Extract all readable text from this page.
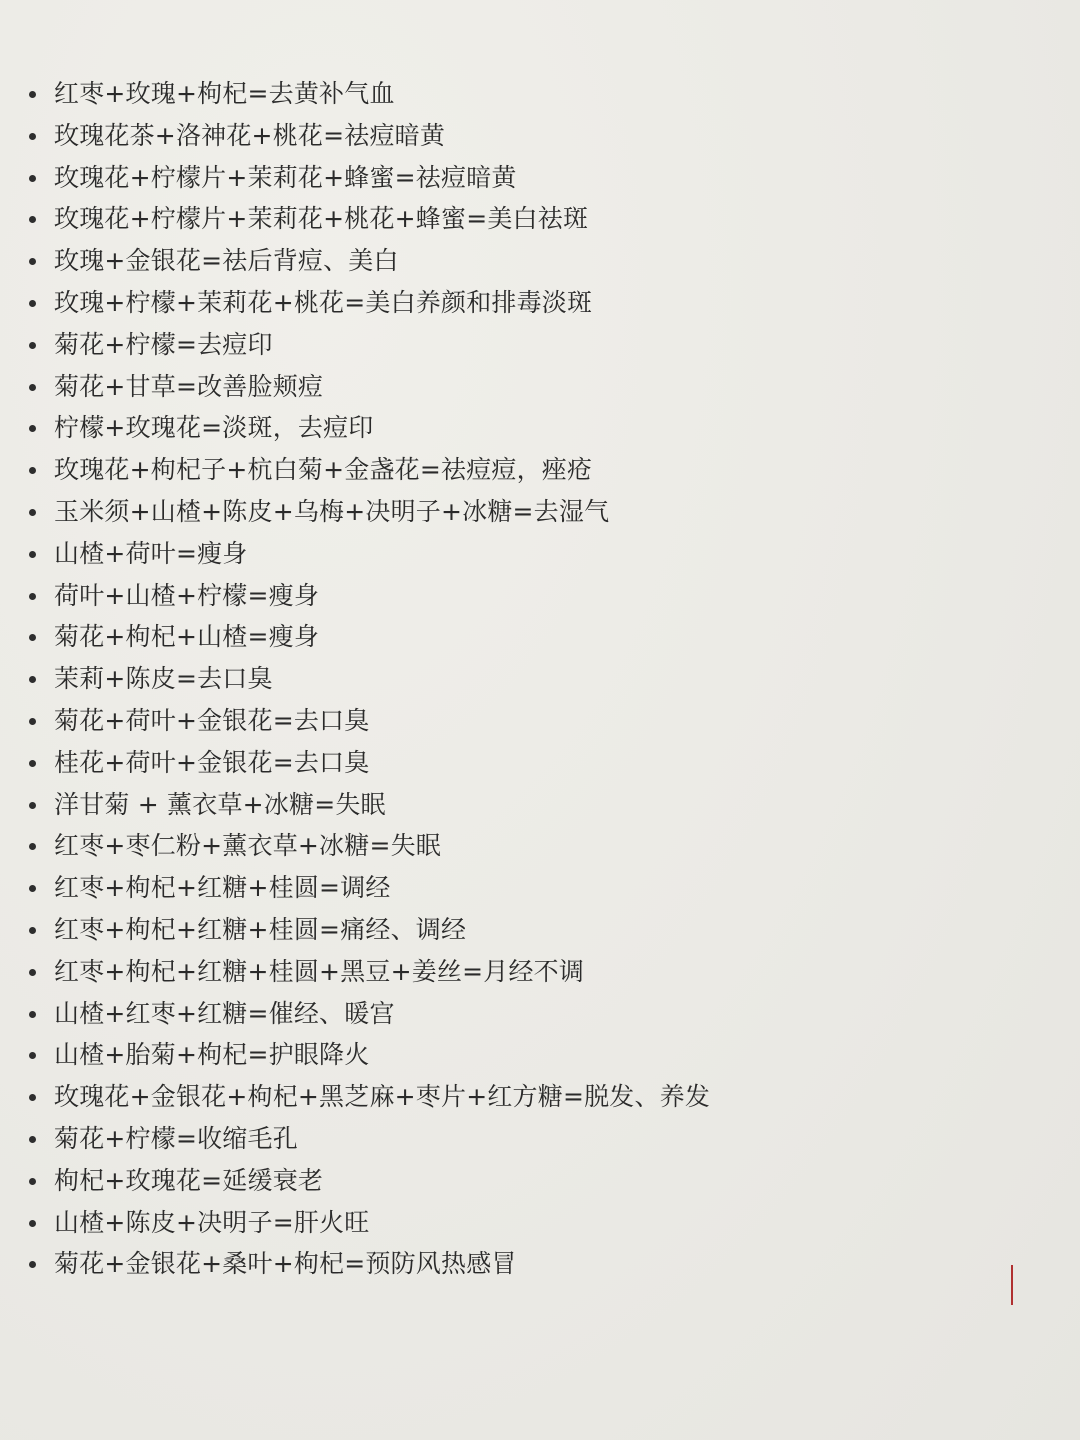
红枣+玫瑰+枸杞=去黄补气血
玫瑰花茶+洛神花+桃花=祛痘暗黄
玫瑰花+柠檬片+茉莉花+蜂蜜=祛痘暗黄
玫瑰花+柠檬片+茉莉花+桃花+蜂蜜=美白祛斑
玫瑰+金银花=祛后背痘、美白
玫瑰+柠檬+茉莉花+桃花=美白养颜和排毒淡斑
菊花+柠檬=去痘印
菊花+甘草=改善脸颊痘
柠檬+玫瑰花=淡斑，去痘印
玫瑰花+枸杞子+杭白菊+金盏花=祛痘痘，痤疮
玉米须+山楂+陈皮+乌梅+决明子+冰糖=去湿气
山楂+荷叶=瘦身
荷叶+山楂+柠檬=瘦身
菊花+枸杞+山楂=瘦身
茉莉+陈皮=去口臭
菊花+荷叶+金银花=去口臭
桂花+荷叶+金银花=去口臭
洋甘菊 + 薰衣草+冰糖=失眠
红枣+枣仁粉+薰衣草+冰糖=失眠
红枣+枸杞+红糖+桂圆=调经
红枣+枸杞+红糖+桂圆=痛经、调经
红枣+枸杞+红糖+桂圆+黑豆+姜丝=月经不调
山楂+红枣+红糖=催经、暖宫
山楂+胎菊+枸杞=护眼降火
玫瑰花+金银花+枸杞+黑芝麻+枣片+红方糖=脱发、养发
菊花+柠檬=收缩毛孔
枸杞+玫瑰花=延缓衰老
山楂+陈皮+决明子=肝火旺
菊花+金银花+桑叶+枸杞=预防风热感冒
